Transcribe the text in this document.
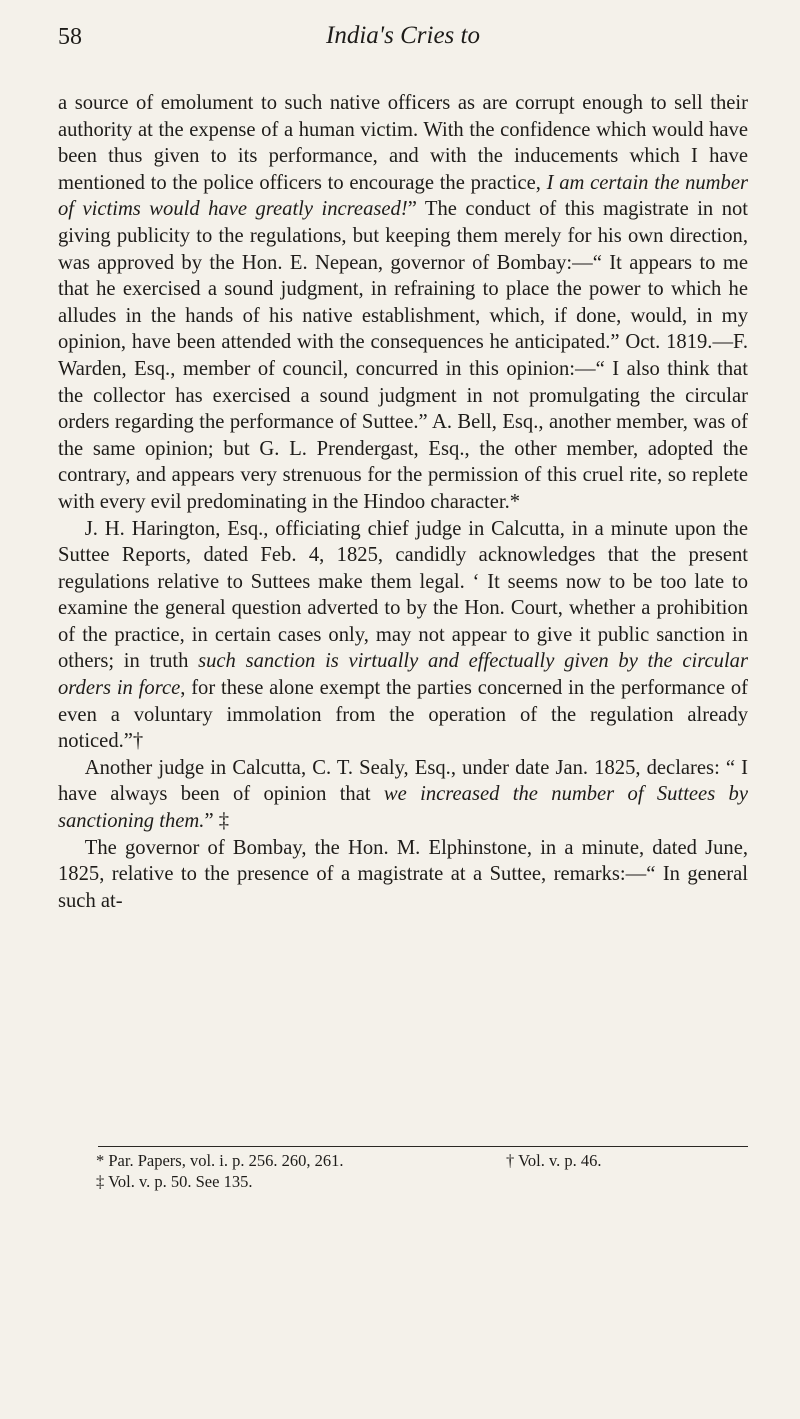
58	India's Cries to

a source of emolument to such native officers as are corrupt enough to sell their authority at the expense of a human victim. With the confidence which would have been thus given to its performance, and with the inducements which I have mentioned to the police officers to encourage the practice, I am certain the number of victims would have greatly increased!” The conduct of this magistrate in not giving publicity to the regulations, but keeping them merely for his own direction, was approved by the Hon. E. Nepean, governor of Bombay:—“ It appears to me that he exercised a sound judgment, in refraining to place the power to which he alludes in the hands of his native establishment, which, if done, would, in my opinion, have been attended with the consequences he anticipated.” Oct. 1819.—F. Warden, Esq., member of council, concurred in this opinion:—“ I also think that the collector has exercised a sound judgment in not promulgating the circular orders regarding the performance of Suttee.” A. Bell, Esq., another member, was of the same opinion; but G. L. Prendergast, Esq., the other member, adopted the contrary, and appears very strenuous for the permission of this cruel rite, so replete with every evil predominating in the Hindoo character.*

J. H. Harington, Esq., officiating chief judge in Calcutta, in a minute upon the Suttee Reports, dated Feb. 4, 1825, candidly acknowledges that the present regulations relative to Suttees make them legal. ‘ It seems now to be too late to examine the general question adverted to by the Hon. Court, whether a prohibition of the practice, in certain cases only, may not appear to give it public sanction in others; in truth such sanction is virtually and effectually given by the circular orders in force, for these alone exempt the parties concerned in the performance of even a voluntary immolation from the operation of the regulation already noticed.”†

Another judge in Calcutta, C. T. Sealy, Esq., under date Jan. 1825, declares: “ I have always been of opinion that we increased the number of Suttees by sanctioning them.” ‡

The governor of Bombay, the Hon. M. Elphinstone, in a minute, dated June, 1825, relative to the presence of a magistrate at a Suttee, remarks:—“ In general such at-

* Par. Papers, vol. i. p. 256. 260, 261.	† Vol. v. p. 46.
‡ Vol. v. p. 50. See 135.
